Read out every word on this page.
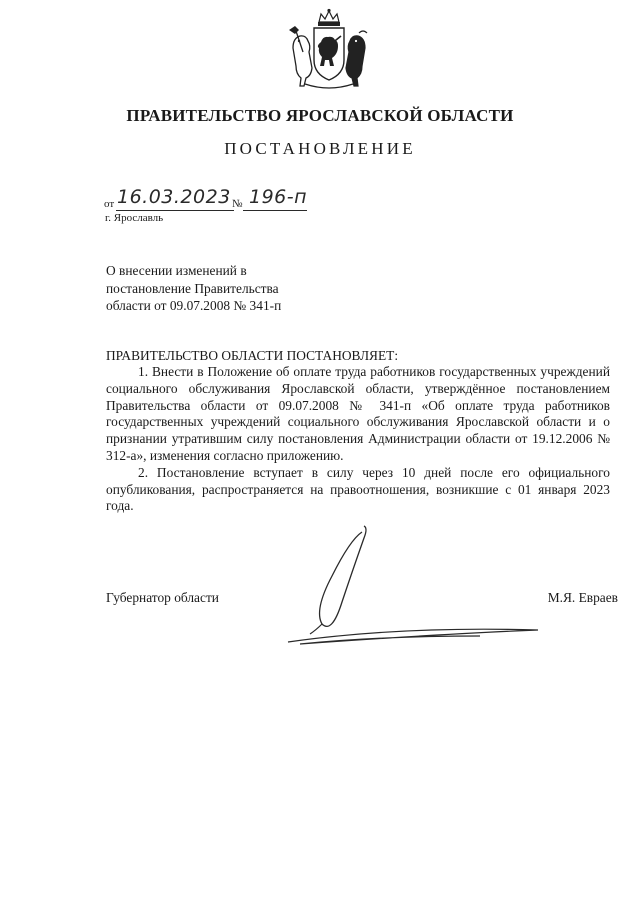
ПРАВИТЕЛЬСТВО ЯРОСЛАВСКОЙ ОБЛАСТИ
ПОСТАНОВЛЕНИЕ
от 16.03.2023 № 196-п
г. Ярославль
О внесении изменений в
постановление Правительства
области от 09.07.2008 № 341-п
ПРАВИТЕЛЬСТВО ОБЛАСТИ ПОСТАНОВЛЯЕТ:

1. Внести в Положение об оплате труда работников государственных учреждений социального обслуживания Ярославской области, утверждённое постановлением Правительства области от 09.07.2008 № 341-п «Об оплате труда работников государственных учреждений социального обслуживания Ярославской области и о признании утратившим силу постановления Администрации области от 19.12.2006 № 312-а», изменения согласно приложению.

2. Постановление вступает в силу через 10 дней после его официального опубликования, распространяется на правоотношения, возникшие с 01 января 2023 года.

Губернатор области	М.Я. Евраев
